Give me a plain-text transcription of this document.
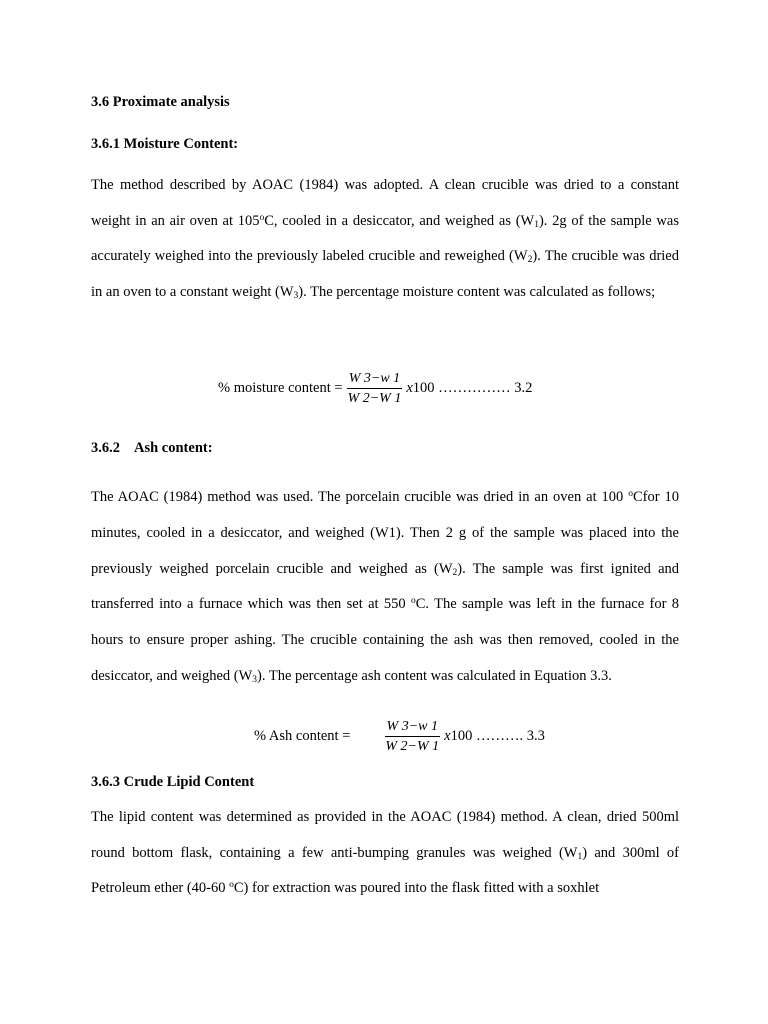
3.6 Proximate analysis

3.6.1 Moisture Content:

The method described by AOAC (1984) was adopted. A clean crucible was dried to a constant weight in an air oven at 105$^o$C, cooled in a desiccator, and weighed as $(W_1)$. 2g of the sample was accurately weighed into the previously labeled crucible and reweighed $(W_2)$. The crucible was dried in an oven to a constant weight $(W_3)$. The percentage moisture content was calculated as follows;

% moisture content = $\frac{W 3-w 1}{W 2-W 1}$ x 100 …………… 3.2

3.6.2 Ash content:

The AOAC (1984) method was used. The porcelain crucible was dried in an oven at 100 $^o$Cfor 10 minutes, cooled in a desiccator, and weighed (W1). Then 2 g of the sample was placed into the previously weighed porcelain crucible and weighed as $(W_2)$. The sample was first ignited and transferred into a furnace which was then set at 550 $^o$C. The sample was left in the furnace for 8 hours to ensure proper ashing. The crucible containing the ash was then removed, cooled in the desiccator, and weighed $(W_3)$. The percentage ash content was calculated in Equation 3.3.

% Ash content = $\frac{W 3-w 1}{W 2-W 1}$ x 100 ………. 3.3

3.6.3 Crude Lipid Content

The lipid content was determined as provided in the AOAC (1984) method. A clean, dried 500ml round bottom flask, containing a few anti-bumping granules was weighed $(W_1)$ and 300ml of Petroleum ether (40-60 $^o$C) for extraction was poured into the flask fitted with a soxhlet
